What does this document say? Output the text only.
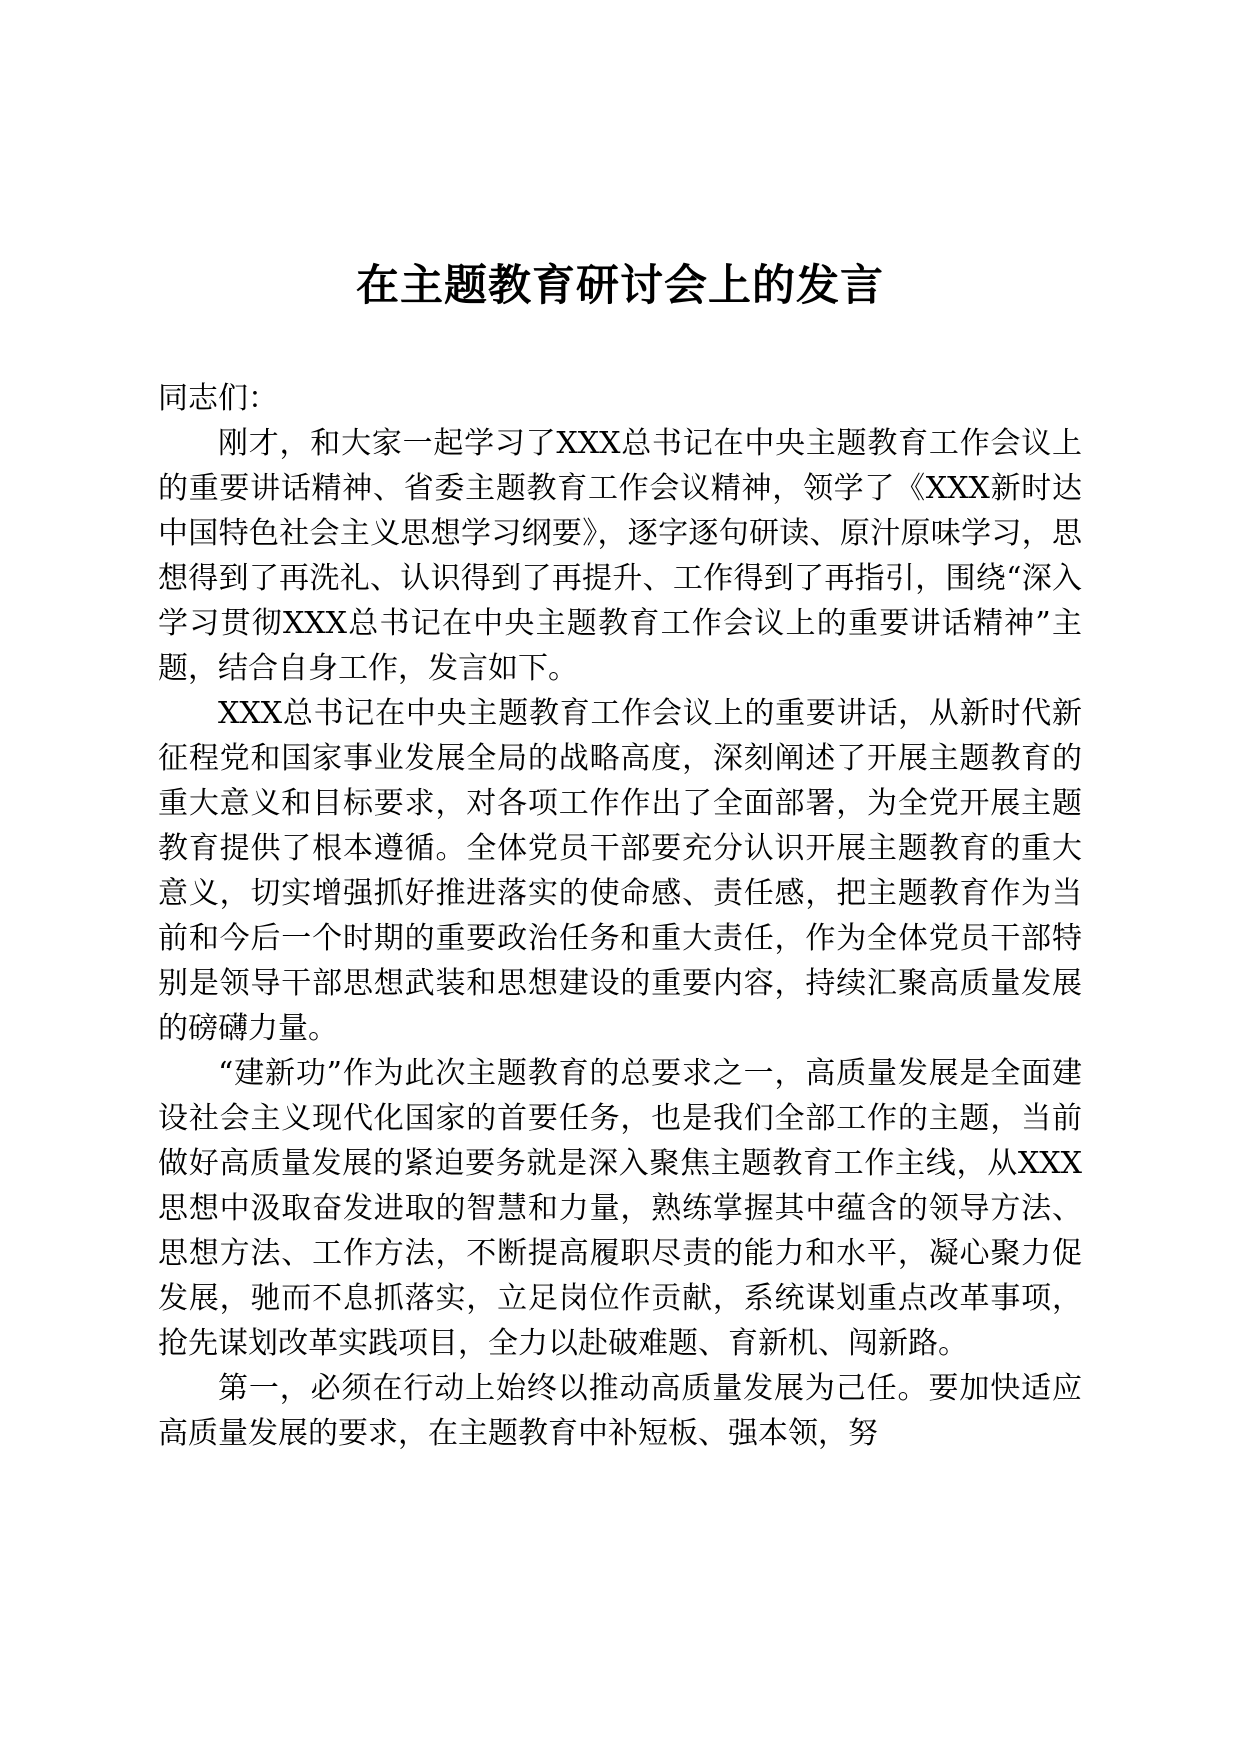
在主题教育研讨会上的发言

同志们：

刚才，和大家一起学习了XXX总书记在中央主题教育工作会议上的重要讲话精神、省委主题教育工作会议精神，领学了《XXX新时达中国特色社会主义思想学习纲要》，逐字逐句研读、原汁原味学习，思想得到了再洗礼、认识得到了再提升、工作得到了再指引，围绕“深入学习贯彻XXX总书记在中央主题教育工作会议上的重要讲话精神”主题，结合自身工作，发言如下。

XXX总书记在中央主题教育工作会议上的重要讲话，从新时代新征程党和国家事业发展全局的战略高度，深刻阐述了开展主题教育的重大意义和目标要求，对各项工作作出了全面部署，为全党开展主题教育提供了根本遵循。全体党员干部要充分认识开展主题教育的重大意义，切实增强抓好推进落实的使命感、责任感，把主题教育作为当前和今后一个时期的重要政治任务和重大责任，作为全体党员干部特别是领导干部思想武装和思想建设的重要内容，持续汇聚高质量发展的磅礴力量。

“建新功”作为此次主题教育的总要求之一，高质量发展是全面建设社会主义现代化国家的首要任务，也是我们全部工作的主题，当前做好高质量发展的紧迫要务就是深入聚焦主题教育工作主线，从XXX思想中汲取奋发进取的智慧和力量，熟练掌握其中蕴含的领导方法、思想方法、工作方法，不断提高履职尽责的能力和水平，凝心聚力促发展，驰而不息抓落实，立足岗位作贡献，系统谋划重点改革事项，抢先谋划改革实践项目，全力以赴破难题、育新机、闯新路。

第一，必须在行动上始终以推动高质量发展为己任。要加快适应高质量发展的要求，在主题教育中补短板、强本领，努
